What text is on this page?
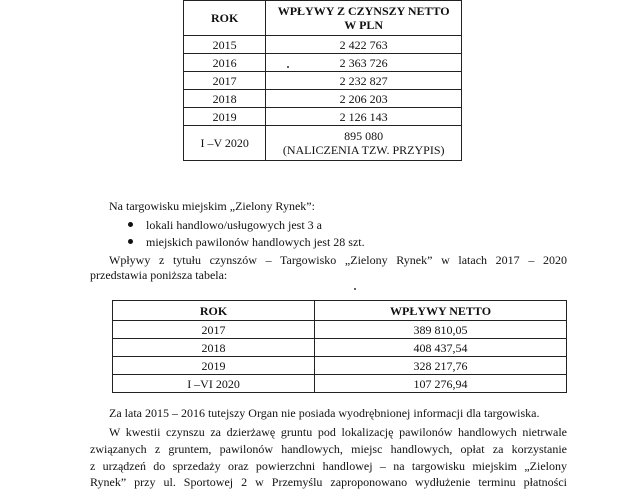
ROK	WPŁYWY Z CZYNSZY NETTO
W PLN
2015	2 422 763
2016	2 363 726
2017	2 232 827
2018	2 206 203
2019	2 126 143
I –V 2020	895 080
(NALICZENIA TZW. PRZYPIS)
Na targowisku miejskim „Zielony Rynek”:
lokali handlowo/usługowych jest 3 a
miejskich pawilonów handlowych jest 28 szt.
Wpływy z tytułu czynszów – Targowisko „Zielony Rynek” w latach 2017 – 2020
przedstawia poniższa tabela:
ROK	WPŁYWY NETTO
2017	389 810,05
2018	408 437,54
2019	328 217,76
I –VI 2020	107 276,94
Za lata 2015 – 2016 tutejszy Organ nie posiada wyodrębnionej informacji dla targowiska.
W kwestii czynszu za dzierżawę gruntu pod lokalizację pawilonów handlowych nietrwale
związanych z gruntem, pawilonów handlowych, miejsc handlowych, opłat za korzystanie
z urządzeń do sprzedaży oraz powierzchni handlowej – na targowisku miejskim „Zielony
Rynek” przy ul. Sportowej 2 w Przemyślu zaproponowano wydłużenie terminu płatności
